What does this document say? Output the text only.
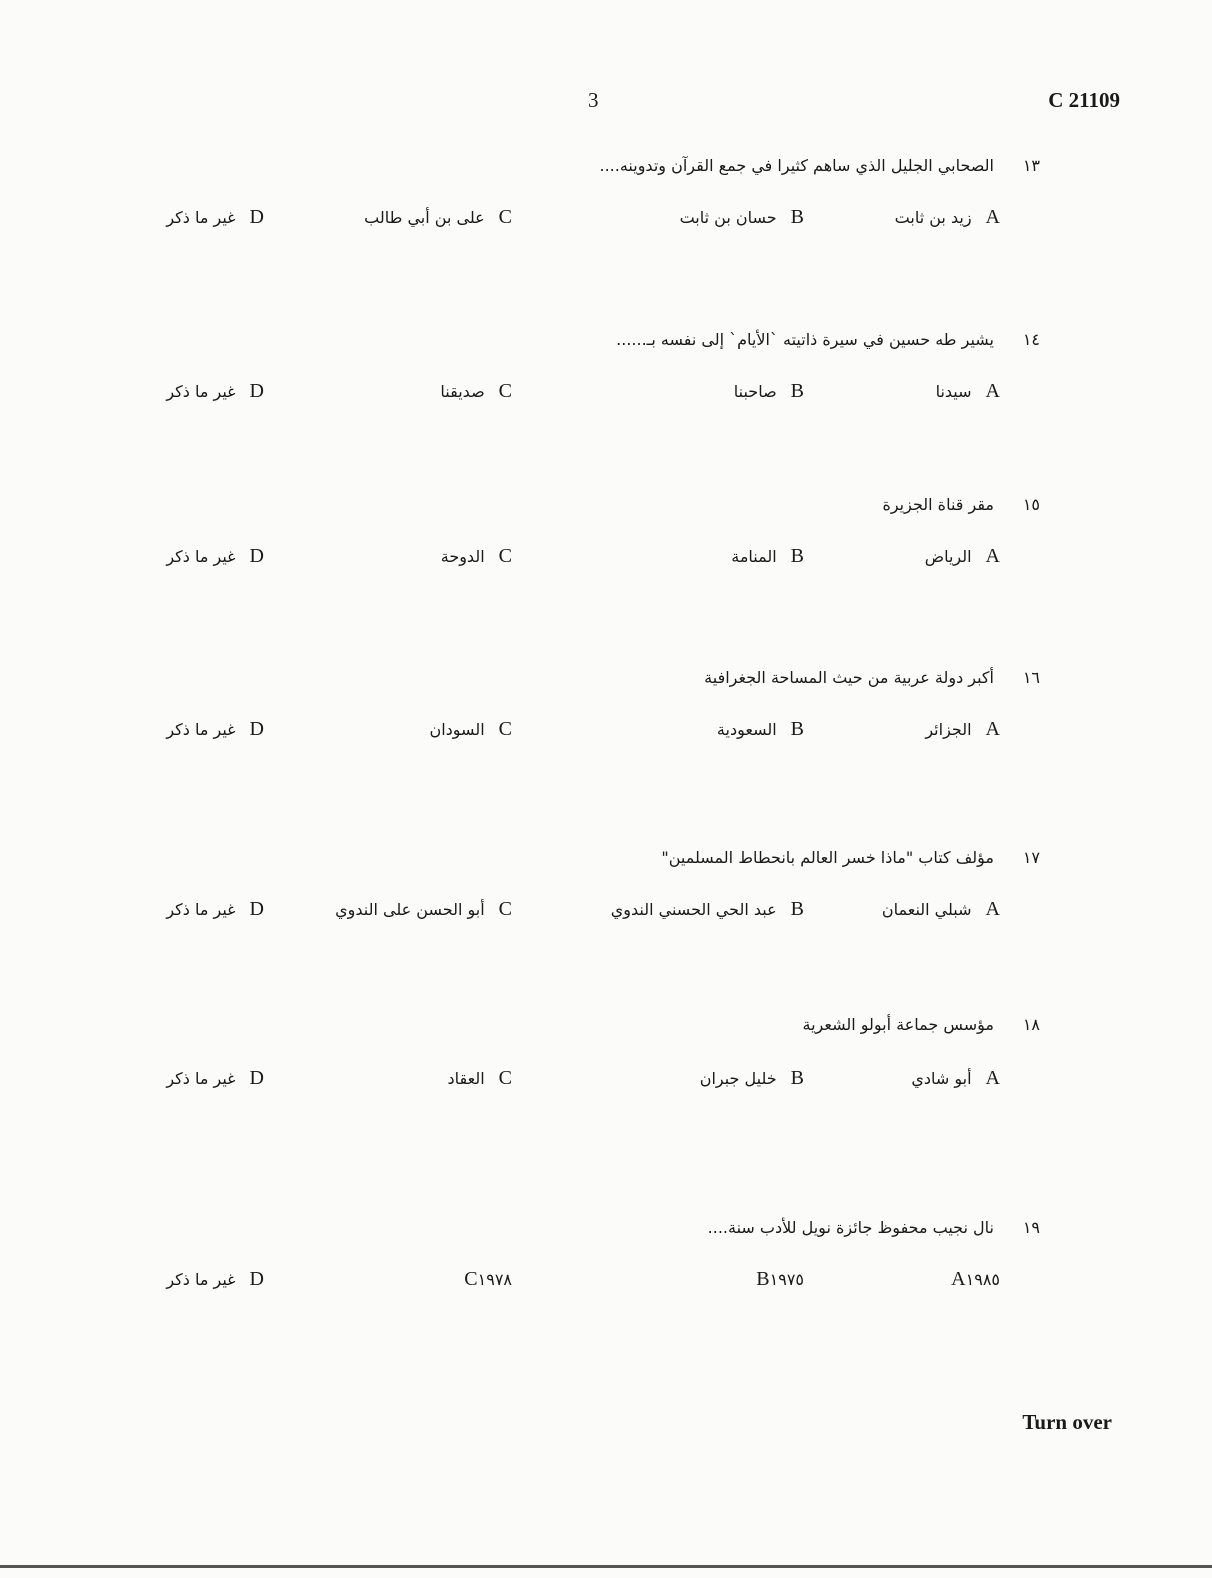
3	C 21109
١٣الصحابي الجليل الذي ساهم كثيرا في جمع القرآن وتدوينه....
Aزيد بن ثابت
Bحسان بن ثابت
Cعلى بن أبي طالب
Dغير ما ذكر
١٤يشير طه حسين في سيرة ذاتيته `الأيام` إلى نفسه بـ......
Aسيدنا
Bصاحبنا
Cصديقنا
Dغير ما ذكر
١٥مقر قناة الجزيرة
Aالرياض
Bالمنامة
Cالدوحة
Dغير ما ذكر
١٦أكبر دولة عربية من حيث المساحة الجغرافية
Aالجزائر
Bالسعودية
Cالسودان
Dغير ما ذكر
١٧مؤلف كتاب "ماذا خسر العالم بانحطاط المسلمين"
Aشبلي النعمان
Bعبد الحي الحسني الندوي
Cأبو الحسن على الندوي
Dغير ما ذكر
١٨مؤسس جماعة أبولو الشعرية
Aأبو شادي
Bخليل جبران
Cالعقاد
Dغير ما ذكر
١٩نال نجيب محفوظ جائزة نويل للأدب سنة....
A١٩٨٥
B١٩٧٥
C١٩٧٨
Dغير ما ذكر
Turn over
